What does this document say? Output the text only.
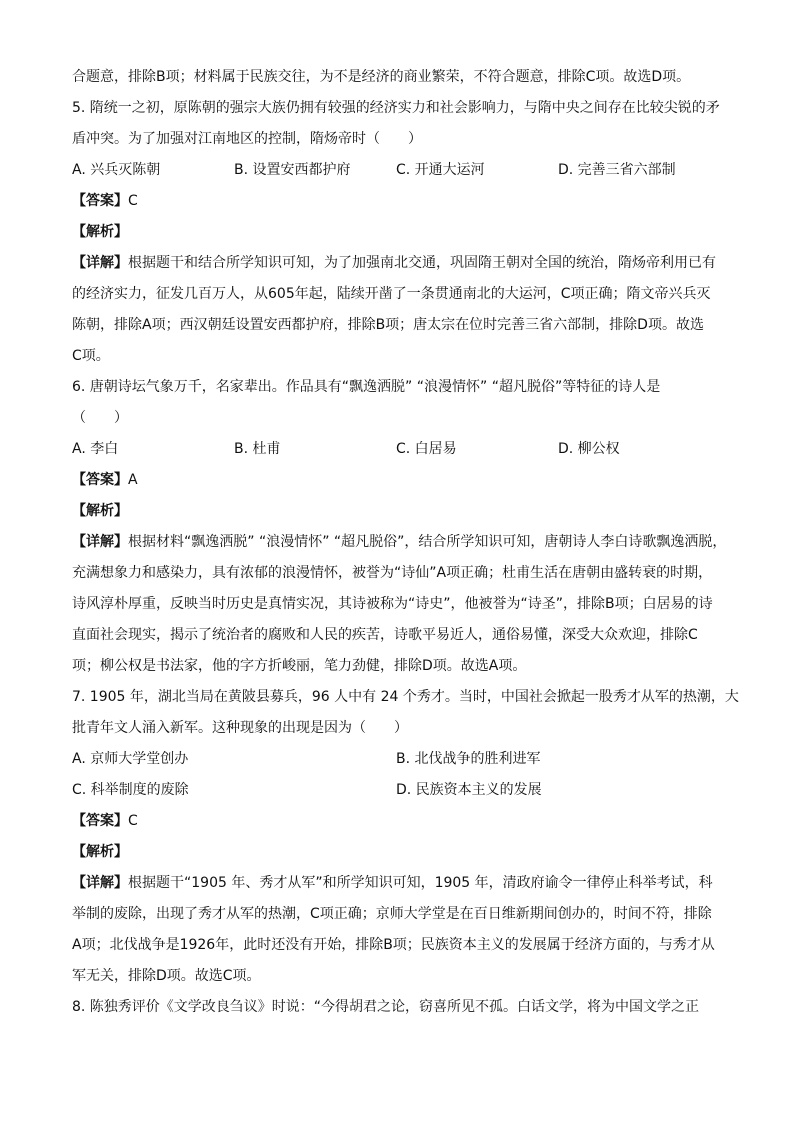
合题意，排除B项；材料属于民族交往，为不是经济的商业繁荣，不符合题意，排除C项。故选D项。
5. 隋统一之初，原陈朝的强宗大族仍拥有较强的经济实力和社会影响力，与隋中央之间存在比较尖锐的矛
盾冲突。为了加强对江南地区的控制，隋炀帝时（　　）
A. 兴兵灭陈朝	B. 设置安西都护府	C. 开通大运河	D. 完善三省六部制
【答案】C
【解析】
【详解】根据题干和结合所学知识可知，为了加强南北交通，巩固隋王朝对全国的统治，隋炀帝利用已有
的经济实力，征发几百万人，从605年起，陆续开凿了一条贯通南北的大运河，C项正确；隋文帝兴兵灭
陈朝，排除A项；西汉朝廷设置安西都护府，排除B项；唐太宗在位时完善三省六部制，排除D项。故选
C项。
6. 唐朝诗坛气象万千，名家辈出。作品具有“飘逸洒脱” “浪漫情怀” “超凡脱俗”等特征的诗人是
（　　）
A. 李白	B. 杜甫	C. 白居易	D. 柳公权
【答案】A
【解析】
【详解】根据材料“飘逸洒脱” “浪漫情怀” “超凡脱俗”，结合所学知识可知，唐朝诗人李白诗歌飘逸洒脱，
充满想象力和感染力，具有浓郁的浪漫情怀，被誉为“诗仙”A项正确；杜甫生活在唐朝由盛转衰的时期，
诗风淳朴厚重，反映当时历史是真情实况，其诗被称为“诗史”，他被誉为“诗圣”，排除B项；白居易的诗
直面社会现实，揭示了统治者的腐败和人民的疾苦，诗歌平易近人，通俗易懂，深受大众欢迎，排除C
项；柳公权是书法家，他的字方折峻丽，笔力劲健，排除D项。故选A项。
7. 1905 年，湖北当局在黄陂县募兵，96 人中有 24 个秀才。当时，中国社会掀起一股秀才从军的热潮，大
批青年文人涌入新军。这种现象的出现是因为（　　）
A. 京师大学堂创办	B. 北伐战争的胜利进军
C. 科举制度的废除	D. 民族资本主义的发展
【答案】C
【解析】
【详解】根据题干“1905 年、秀才从军”和所学知识可知，1905 年，清政府谕令一律停止科举考试，科
举制的废除，出现了秀才从军的热潮，C项正确；京师大学堂是在百日维新期间创办的，时间不符，排除
A项；北伐战争是1926年，此时还没有开始，排除B项；民族资本主义的发展属于经济方面的，与秀才从
军无关，排除D项。故选C项。
8. 陈独秀评价《文学改良刍议》时说：“今得胡君之论，窃喜所见不孤。白话文学，将为中国文学之正
